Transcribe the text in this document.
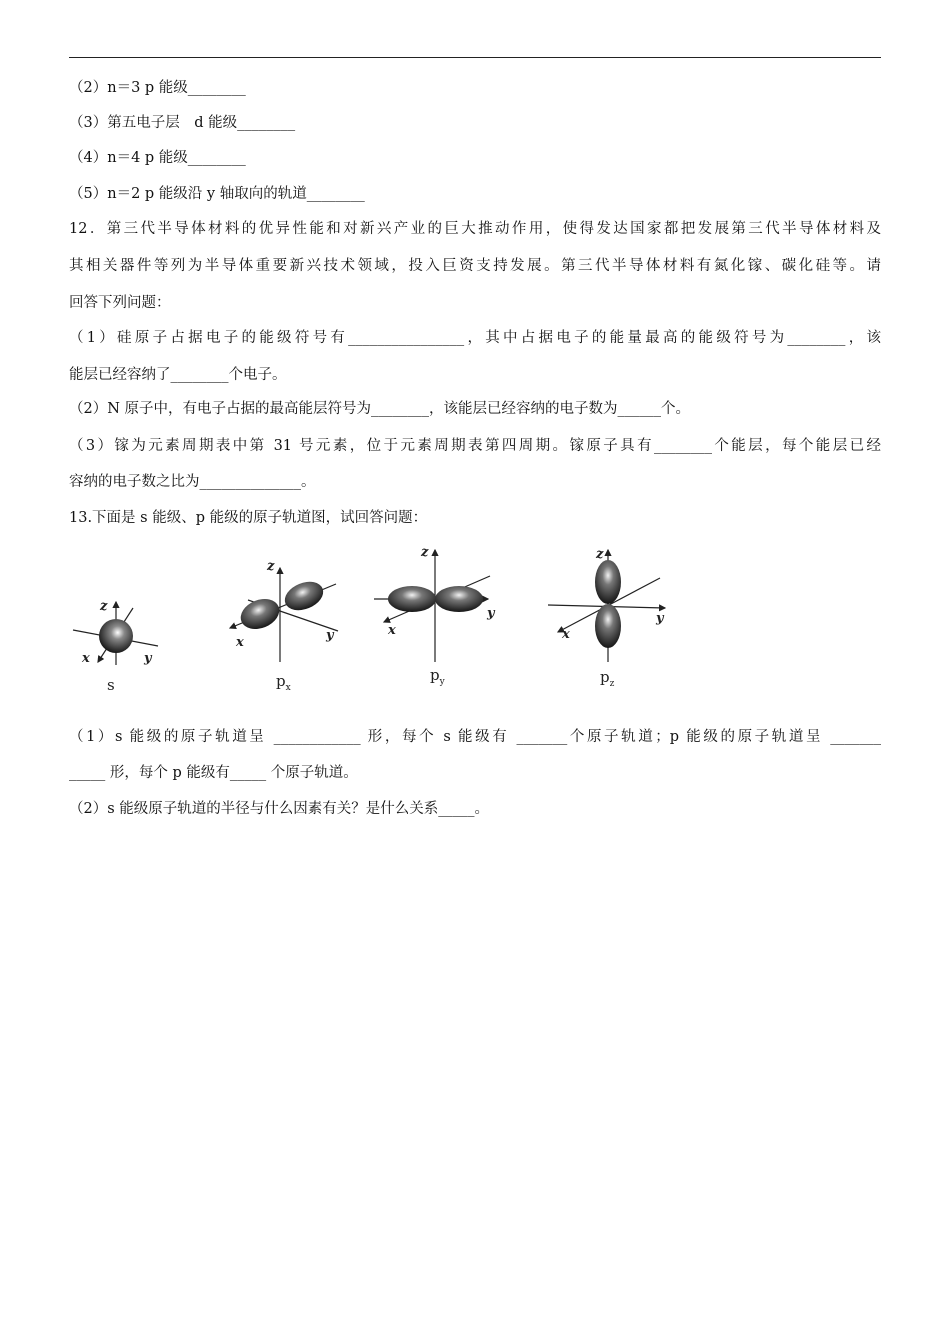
（2）n＝3 p 能级________
（3）第五电子层　d 能级________
（4）n＝4 p 能级________
（5）n＝2 p 能级沿 y 轴取向的轨道________
12．第三代半导体材料的优异性能和对新兴产业的巨大推动作用，使得发达国家都把发展第三代半导体材料及
其相关器件等列为半导体重要新兴技术领域，投入巨资支持发展。第三代半导体材料有氮化镓、碳化硅等。请
回答下列问题：
（1）硅原子占据电子的能级符号有________________，其中占据电子的能量最高的能级符号为________，该
能层已经容纳了________个电子。
（2）N 原子中，有电子占据的最高能层符号为________，该能层已经容纳的电子数为______个。
（3）镓为元素周期表中第 31 号元素，位于元素周期表第四周期。镓原子具有________个能层，每个能层已经
容纳的电子数之比为______________。
13.下面是 s 能级、p 能级的原子轨道图，试回答问题：
z
x	y
s
z
x	y
$p_x$
z
x
y
$p_y$
z
x
y
$p_z$
（1）s 能级的原子轨道呈 ____________ 形，每个 s 能级有 _______个原子轨道；p 能级的原子轨道呈 _______
_____ 形，每个 p 能级有_____ 个原子轨道。
（2）s 能级原子轨道的半径与什么因素有关？是什么关系_____。
